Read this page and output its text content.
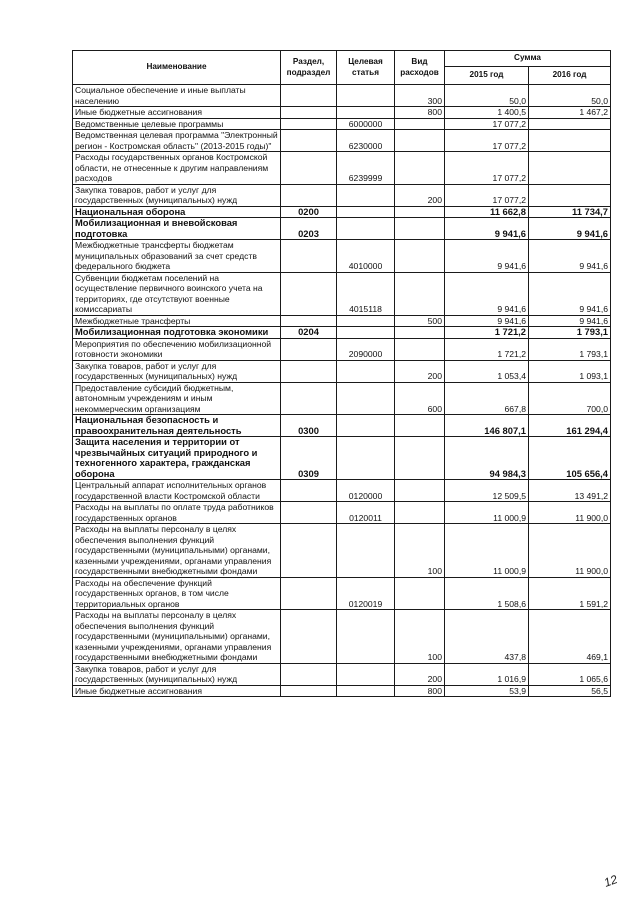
Наименование	Раздел, подраздел	Целевая статья	Вид расходов	Сумма	
				2015 год	2016 год
Социальное обеспечение и иные выплаты населению			300	50,0	50,0
Иные бюджетные ассигнования			800	1 400,5	1 467,2
Ведомственные целевые программы		6000000		17 077,2	
Ведомственная целевая программа "Электронный регион - Костромская область" (2013-2015 годы)"		6230000		17 077,2	
Расходы государственных органов Костромской области, не отнесенные к другим направлениям расходов		6239999		17 077,2	
Закупка товаров, работ и услуг для государственных (муниципальных) нужд			200	17 077,2	
Национальная оборона	0200			11 662,8	11 734,7
Мобилизационная и вневойсковая подготовка	0203			9 941,6	9 941,6
Межбюджетные трансферты бюджетам муниципальных образований за счет средств федерального бюджета		4010000		9 941,6	9 941,6
Субвенции бюджетам поселений на осуществление первичного воинского учета на территориях, где отсутствуют военные комиссариаты		4015118		9 941,6	9 941,6
Межбюджетные трансферты			500	9 941,6	9 941,6
Мобилизационная подготовка экономики	0204			1 721,2	1 793,1
Мероприятия по обеспечению мобилизационной готовности экономики		2090000		1 721,2	1 793,1
Закупка товаров, работ и услуг для государственных (муниципальных) нужд			200	1 053,4	1 093,1
Предоставление субсидий бюджетным, автономным учреждениям и иным некоммерческим организациям			600	667,8	700,0
Национальная безопасность и правоохранительная деятельность	0300			146 807,1	161 294,4
Защита населения и территории от чрезвычайных ситуаций природного и техногенного характера, гражданская оборона	0309			94 984,3	105 656,4
Центральный аппарат исполнительных органов государственной власти Костромской области		0120000		12 509,5	13 491,2
Расходы на выплаты по оплате труда работников государственных органов		0120011		11 000,9	11 900,0
Расходы на выплаты персоналу в целях обеспечения выполнения функций государственными (муниципальными) органами, казенными учреждениями, органами управления государственными внебюджетными фондами			100	11 000,9	11 900,0
Расходы на обеспечение функций государственных органов, в том числе территориальных органов		0120019		1 508,6	1 591,2
Расходы на выплаты персоналу в целях обеспечения выполнения функций государственными (муниципальными) органами, казенными учреждениями, органами управления государственными внебюджетными фондами			100	437,8	469,1
Закупка товаров, работ и услуг для государственных (муниципальных) нужд			200	1 016,9	1 065,6
Иные бюджетные ассигнования			800	53,9	56,5
12
